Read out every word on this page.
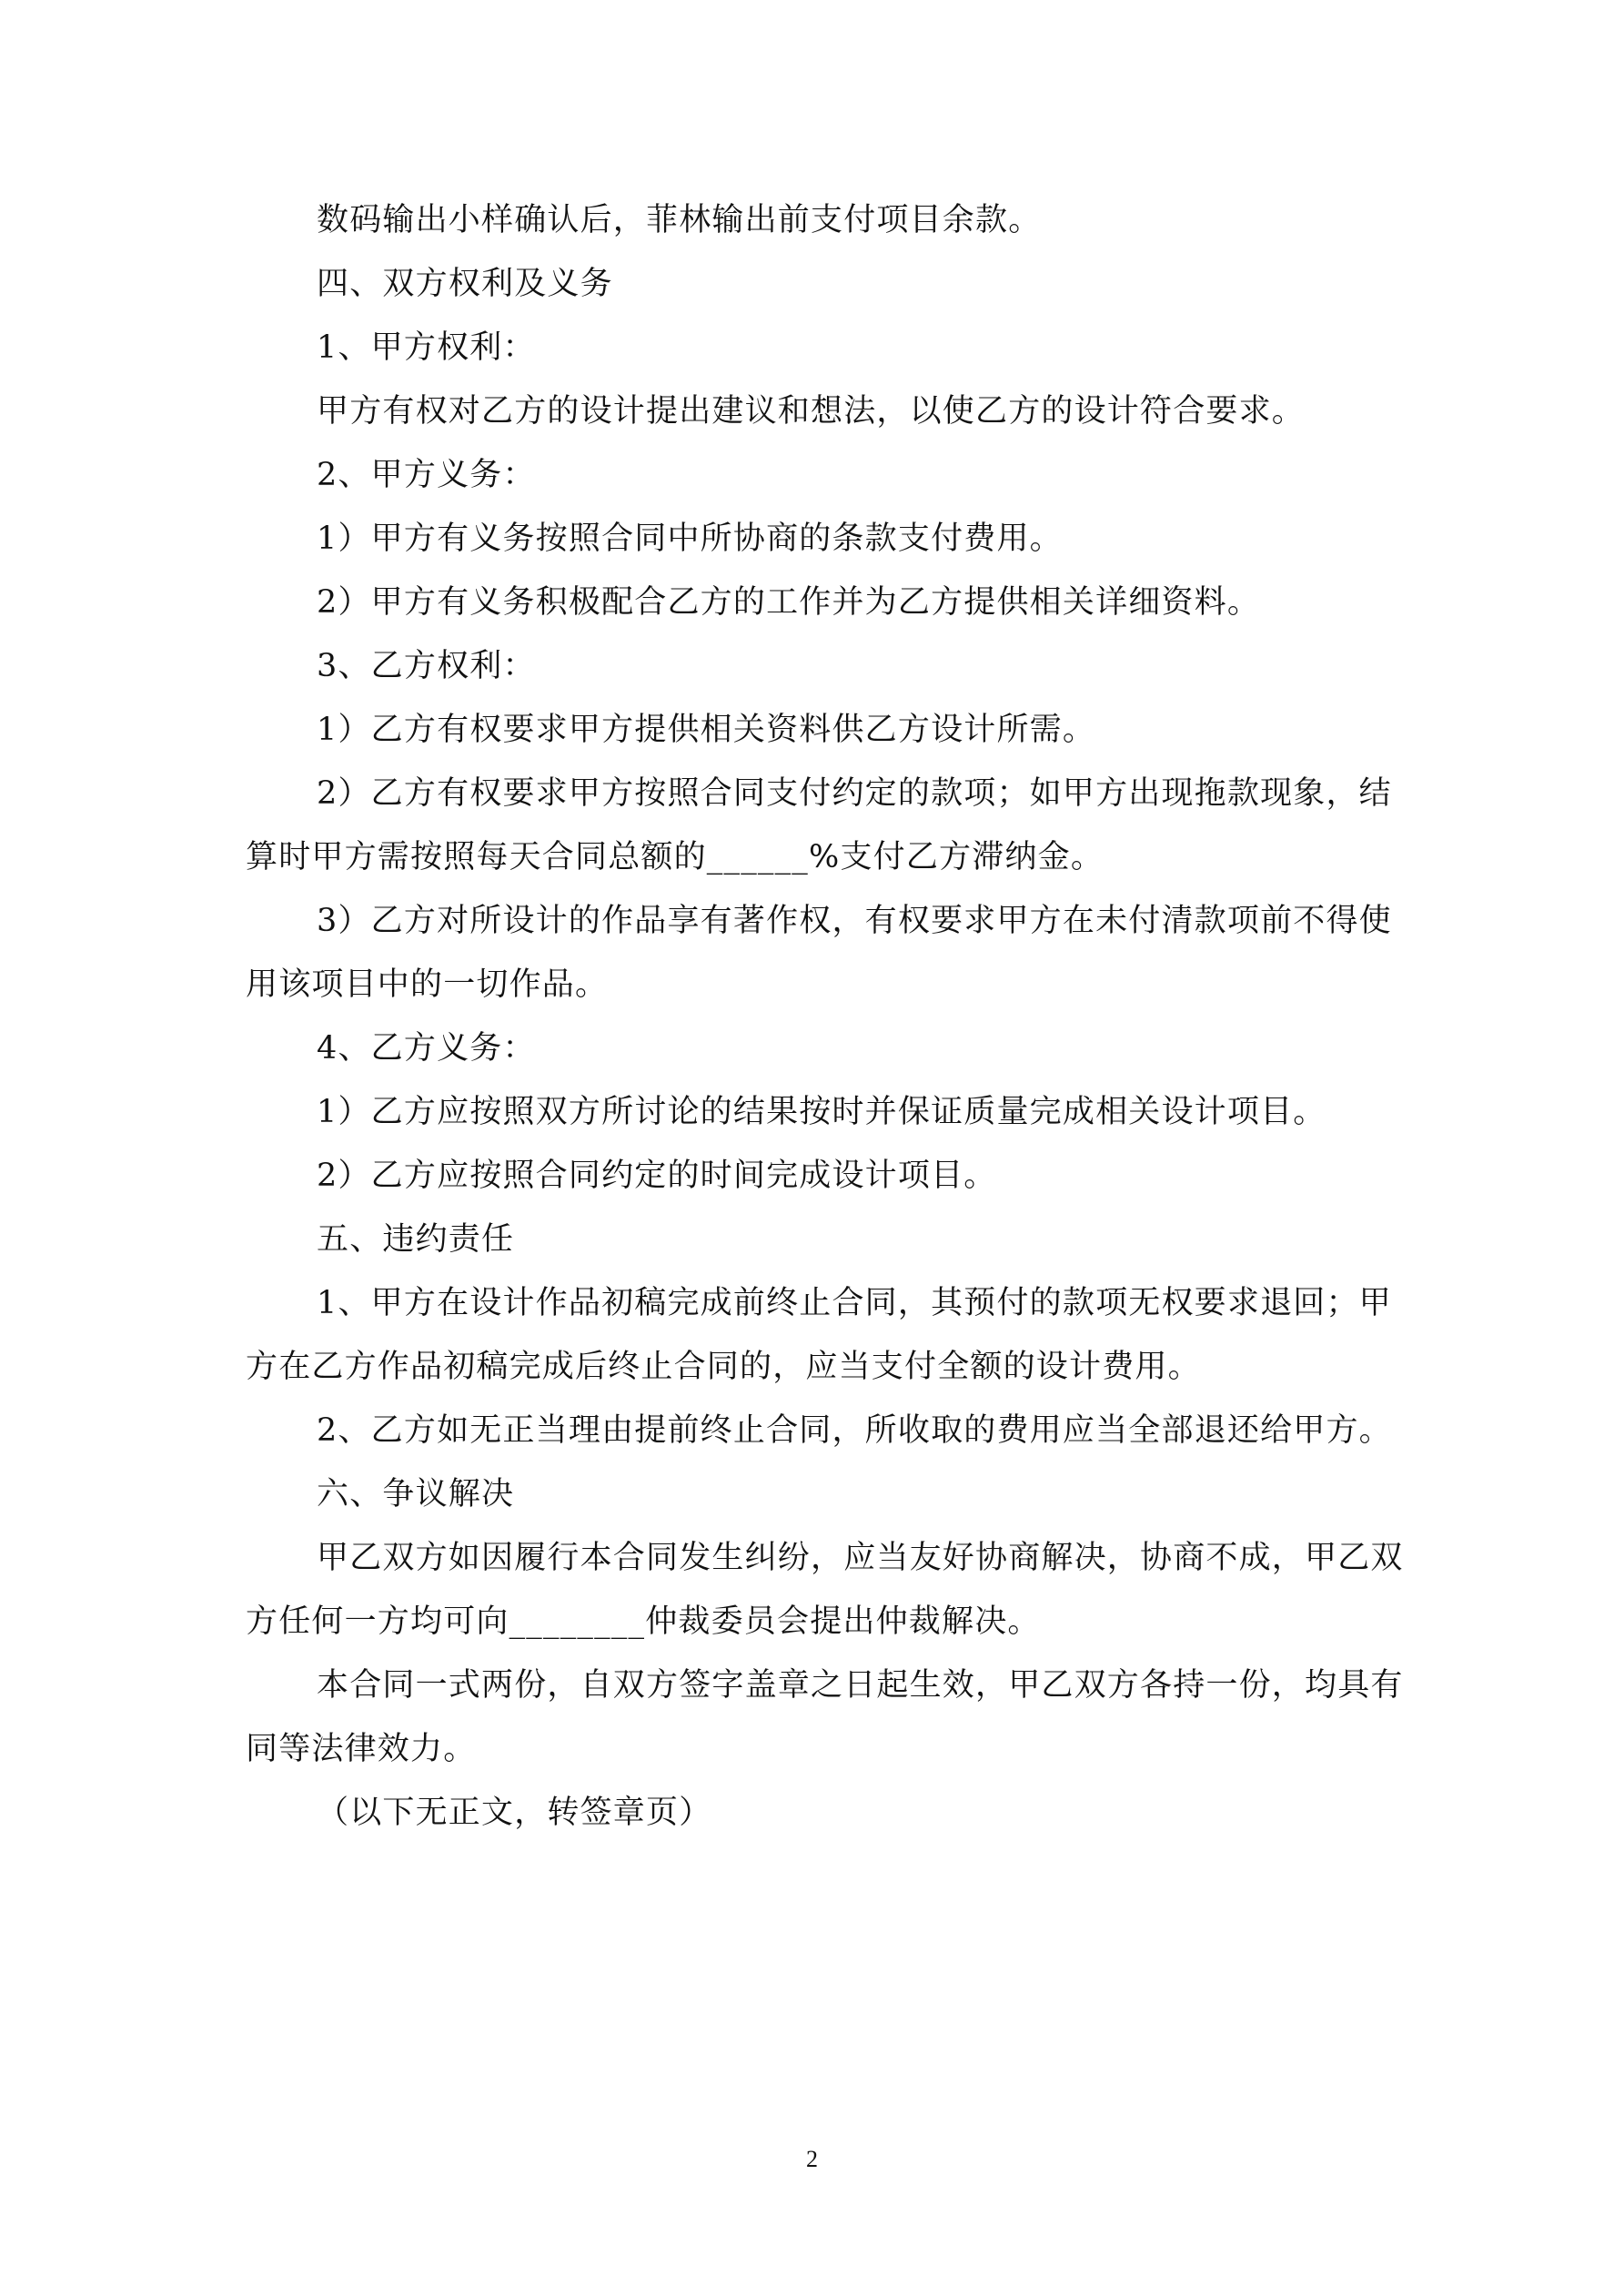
数码输出小样确认后，菲林输出前支付项目余款。
四、双方权利及义务
1、甲方权利：
甲方有权对乙方的设计提出建议和想法，以使乙方的设计符合要求。
2、甲方义务：
1）甲方有义务按照合同中所协商的条款支付费用。
2）甲方有义务积极配合乙方的工作并为乙方提供相关详细资料。
3、乙方权利：
1）乙方有权要求甲方提供相关资料供乙方设计所需。
2）乙方有权要求甲方按照合同支付约定的款项；如甲方出现拖款现象，结
算时甲方需按照每天合同总额的______%支付乙方滞纳金。
3）乙方对所设计的作品享有著作权，有权要求甲方在未付清款项前不得使
用该项目中的一切作品。
4、乙方义务：
1）乙方应按照双方所讨论的结果按时并保证质量完成相关设计项目。
2）乙方应按照合同约定的时间完成设计项目。
五、违约责任
1、甲方在设计作品初稿完成前终止合同，其预付的款项无权要求退回；甲
方在乙方作品初稿完成后终止合同的，应当支付全额的设计费用。
2、乙方如无正当理由提前终止合同，所收取的费用应当全部退还给甲方。
六、争议解决
甲乙双方如因履行本合同发生纠纷，应当友好协商解决，协商不成，甲乙双
方任何一方均可向________仲裁委员会提出仲裁解决。
本合同一式两份，自双方签字盖章之日起生效，甲乙双方各持一份，均具有
同等法律效力。
（以下无正文，转签章页）
2
